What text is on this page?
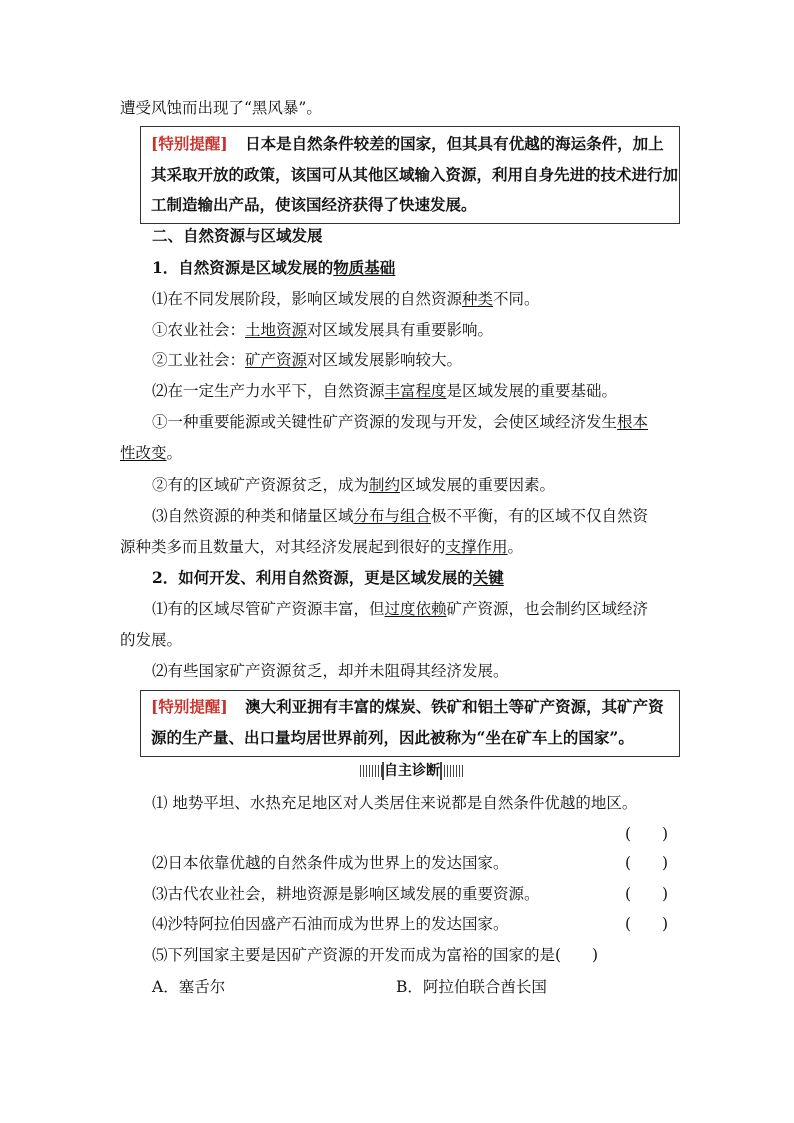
遭受风蚀而出现了“黑风暴”。
[特别提醒] 日本是自然条件较差的国家，但其具有优越的海运条件，加上
其采取开放的政策，该国可从其他区域输入资源，利用自身先进的技术进行加
工制造输出产品，使该国经济获得了快速发展。
二、自然资源与区域发展
1．自然资源是区域发展的物质基础
⑴在不同发展阶段，影响区域发展的自然资源种类不同。
①农业社会：土地资源对区域发展具有重要影响。
②工业社会：矿产资源对区域发展影响较大。
⑵在一定生产力水平下，自然资源丰富程度是区域发展的重要基础。
①一种重要能源或关键性矿产资源的发现与开发，会使区域经济发生根本
性改变。
②有的区域矿产资源贫乏，成为制约区域发展的重要因素。
⑶自然资源的种类和储量区域分布与组合极不平衡，有的区域不仅自然资
源种类多而且数量大，对其经济发展起到很好的支撑作用。
2．如何开发、利用自然资源，更是区域发展的关键
⑴有的区域尽管矿产资源丰富，但过度依赖矿产资源，也会制约区域经济
的发展。
⑵有些国家矿产资源贫乏，却并未阻碍其经济发展。
[特别提醒] 澳大利亚拥有丰富的煤炭、铁矿和铝土等矿产资源，其矿产资
源的生产量、出口量均居世界前列，因此被称为“坐在矿车上的国家”。
自主诊断
⑴ 地势平坦、水热充足地区对人类居住来说都是自然条件优越的地区。
(　　)
⑵日本依靠优越的自然条件成为世界上的发达国家。	(　　)
⑶古代农业社会，耕地资源是影响区域发展的重要资源。	(　　)
⑷沙特阿拉伯因盛产石油而成为世界上的发达国家。	(　　)
⑸下列国家主要是因矿产资源的开发而成为富裕的国家的是(　　)
A．塞舌尔	B．阿拉伯联合酋长国
